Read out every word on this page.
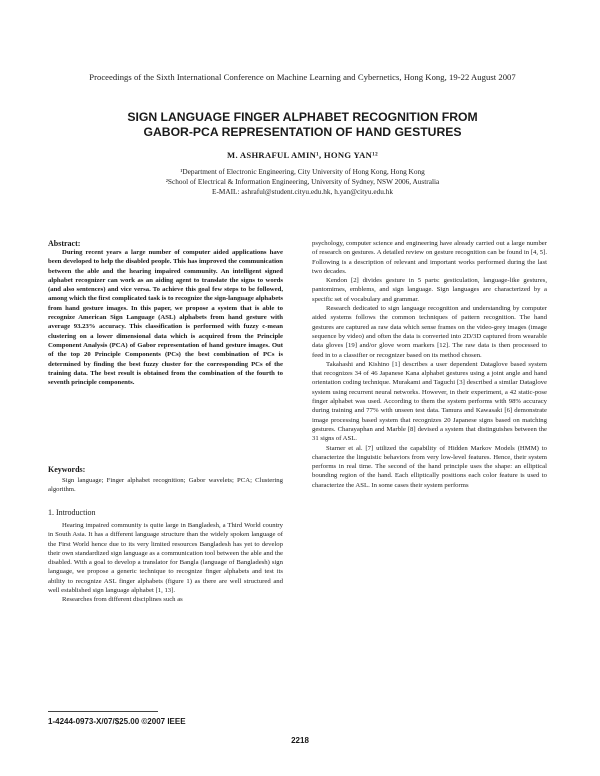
Proceedings of the Sixth International Conference on Machine Learning and Cybernetics, Hong Kong, 19-22 August 2007
SIGN LANGUAGE FINGER ALPHABET RECOGNITION FROM
GABOR-PCA REPRESENTATION OF HAND GESTURES
M. ASHRAFUL AMIN¹, HONG YAN¹²
¹Department of Electronic Engineering, City University of Hong Kong, Hong Kong
²School of Electrical & Information Engineering, University of Sydney, NSW 2006, Australia
E-MAIL: ashraful@student.cityu.edu.hk, h.yan@cityu.edu.hk
Abstract:

During recent years a large number of computer aided applications have been developed to help the disabled people. This has improved the communication between the able and the hearing impaired community. An intelligent signed alphabet recognizer can work as an aiding agent to translate the signs to words (and also sentences) and vice versa. To achieve this goal few steps to be followed, among which the first complicated task is to recognize the sign-language alphabets from hand gesture images. In this paper, we propose a system that is able to recognize American Sign Language (ASL) alphabets from hand gesture with average 93.23% accuracy. This classification is performed with fuzzy c-mean clustering on a lower dimensional data which is acquired from the Principle Component Analysis (PCA) of Gabor representation of hand gesture images. Out of the top 20 Principle Components (PCs) the best combination of PCs is determined by finding the best fuzzy cluster for the corresponding PCs of the training data. The best result is obtained from the combination of the fourth to seventh principle components.

Keywords:

Sign language; Finger alphabet recognition; Gabor wavelets; PCA; Clustering algorithm.

1. Introduction

Hearing impaired community is quite large in Bangladesh, a Third World country in South Asia. It has a different language structure than the widely spoken language of the First World hence due to its very limited resources Bangladesh has yet to develop their own standardized sign language as a communication tool between the able and the disabled. With a goal to develop a translator for Bangla (language of Bangladesh) sign language, we propose a generic technique to recognize finger alphabets and test its ability to recognize ASL finger alphabets (figure 1) as there are well structured and well established sign language alphabet [1, 13].

Researches from different disciplines such as

psychology, computer science and engineering have already carried out a large number of research on gestures. A detailed review on gesture recognition can be found in [4, 5]. Following is a description of relevant and important works performed during the last two decades.

Kendon [2] divides gesture in 5 parts: gesticulation, language-like gestures, pantomimes, emblems, and sign language. Sign languages are characterized by a specific set of vocabulary and grammar.

Research dedicated to sign language recognition and understanding by computer aided systems follows the common techniques of pattern recognition. The hand gestures are captured as raw data which sense frames on the video-grey images (image sequence by video) and often the data is converted into 2D/3D captured from wearable data gloves [19] and/or glove worn markers [12]. The raw data is then processed to feed in to a classifier or recognizer based on its method chosen.

Takahashi and Kishino [1] describes a user dependent Dataglove based system that recognizes 34 of 46 Japanese Kana alphabet gestures using a joint angle and hand orientation coding technique. Murakami and Taguchi [3] described a similar Dataglove system using recurrent neural networks. However, in their experiment, a 42 static-pose finger alphabet was used. According to them the system performs with 98% accuracy during training and 77% with unseen test data. Tamura and Kawasaki [6] demonstrate image processing based system that recognizes 20 Japanese signs based on matching gestures. Charayaphan and Marble [8] devised a system that distinguishes between the 31 signs of ASL.

Starner et al. [7] utilized the capability of Hidden Markov Models (HMM) to characterize the linguistic behaviors from very low-level features. Hence, their system performs in real time. The second of the hand principle uses the shape: an elliptical bounding region of the hand. Each elliptically positions each color feature is used to characterize the ASL. In some cases their system performs

1-4244-0973-X/07/$25.00 ©2007 IEEE
2218
